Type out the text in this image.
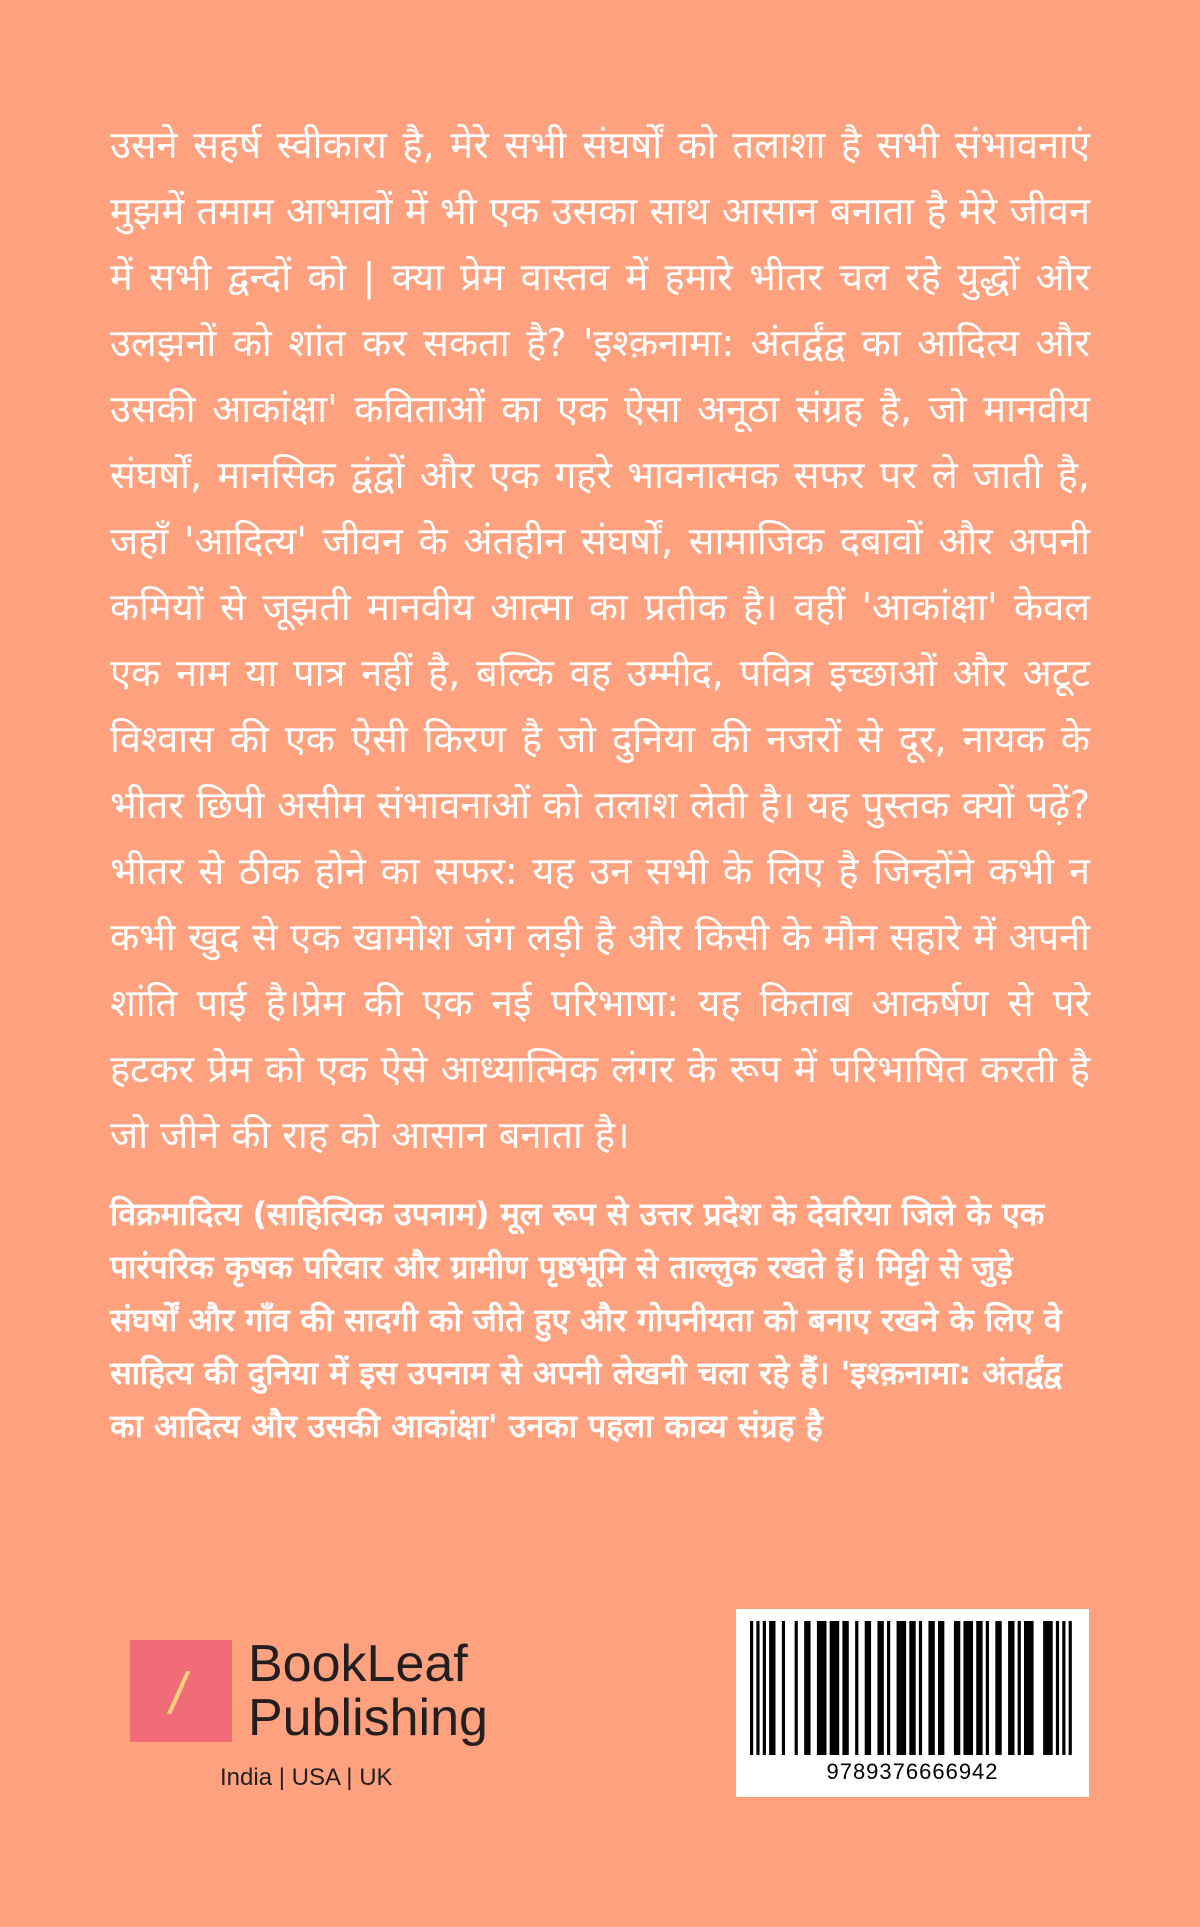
उसने सहर्ष स्वीकारा है, मेरे सभी संघर्षों को तलाशा है सभी संभावनाएं मुझमें तमाम आभावों में भी एक उसका साथ आसान बनाता है मेरे जीवन में सभी द्वन्दों को | क्या प्रेम वास्तव में हमारे भीतर चल रहे युद्धों और उलझनों को शांत कर सकता है? 'इश्क़नामा: अंतर्द्वंद्व का आदित्य और उसकी आकांक्षा' कविताओं का एक ऐसा अनूठा संग्रह है, जो मानवीय संघर्षों, मानसिक द्वंद्वों और एक गहरे भावनात्मक सफर पर ले जाती है, जहाँ 'आदित्य' जीवन के अंतहीन संघर्षों, सामाजिक दबावों और अपनी कमियों से जूझती मानवीय आत्मा का प्रतीक है। वहीं 'आकांक्षा' केवल एक नाम या पात्र नहीं है, बल्कि वह उम्मीद, पवित्र इच्छाओं और अटूट विश्वास की एक ऐसी किरण है जो दुनिया की नजरों से दूर, नायक के भीतर छिपी असीम संभावनाओं को तलाश लेती है। यह पुस्तक क्यों पढ़ें?भीतर से ठीक होने का सफर: यह उन सभी के लिए है जिन्होंने कभी न कभी खुद से एक खामोश जंग लड़ी है और किसी के मौन सहारे में अपनी शांति पाई है।प्रेम की एक नई परिभाषा: यह किताब आकर्षण से परे हटकर प्रेम को एक ऐसे आध्यात्मिक लंगर के रूप में परिभाषित करती है जो जीने की राह को आसान बनाता है।

विक्रमादित्य (साहित्यिक उपनाम) मूल रूप से उत्तर प्रदेश के देवरिया जिले के एक पारंपरिक कृषक परिवार और ग्रामीण पृष्ठभूमि से ताल्लुक रखते हैं। मिट्टी से जुड़े संघर्षों और गाँव की सादगी को जीते हुए और गोपनीयता को बनाए रखने के लिए वे साहित्य की दुनिया में इस उपनाम से अपनी लेखनी चला रहे हैं। 'इश्क़नामा: अंतर्द्वंद्व का आदित्य और उसकी आकांक्षा' उनका पहला काव्य संग्रह है

/ BookLeaf
Publishing
India | USA | UK	9789376666942
